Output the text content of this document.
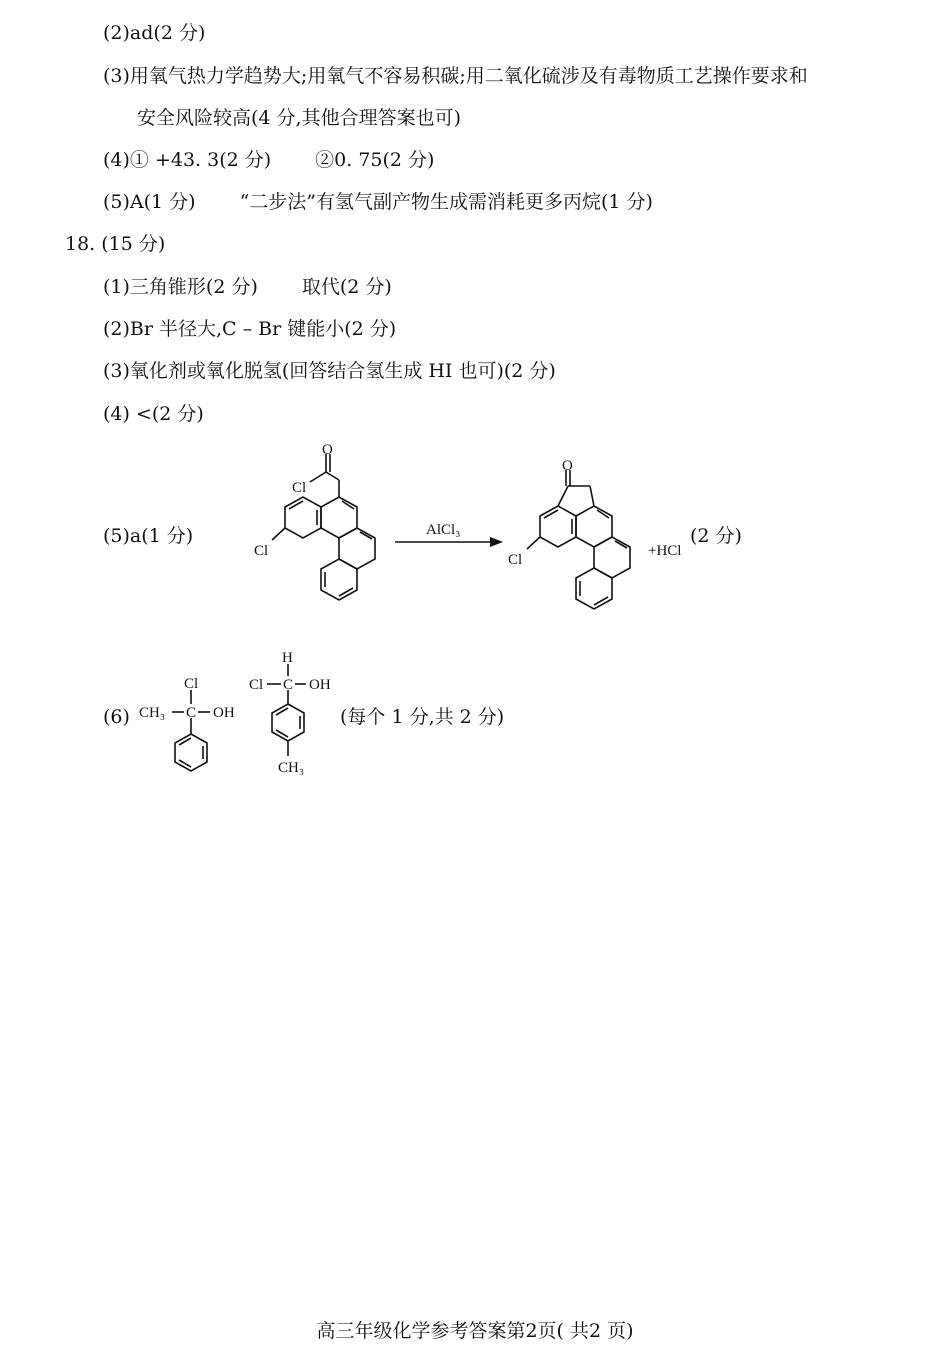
(2)ad(2 分)
(3)用氧气热力学趋势大;用氧气不容易积碳;用二氧化硫涉及有毒物质工艺操作要求和
安全风险较高(4 分,其他合理答案也可)
(4)① +43. 3(2 分) ②0. 75(2 分)
(5)A(1 分) “二步法”有氢气副产物生成需消耗更多丙烷(1 分)
18. (15 分)
(1)三角锥形(2 分) 取代(2 分)
(2)Br 半径大,C – Br 键能小(2 分)
(3)氧化剂或氧化脱氢(回答结合氢生成 HI 也可)(2 分)
(4) <(2 分)
(5)a(1 分)
O
Cl
Cl
AlCl₃
O
Cl
+HCl
(2 分)
(6)
Cl
CH₃ C OH
H
Cl C OH
CH₃
(每个 1 分,共 2 分)
高三年级化学参考答案第2页( 共2 页)
